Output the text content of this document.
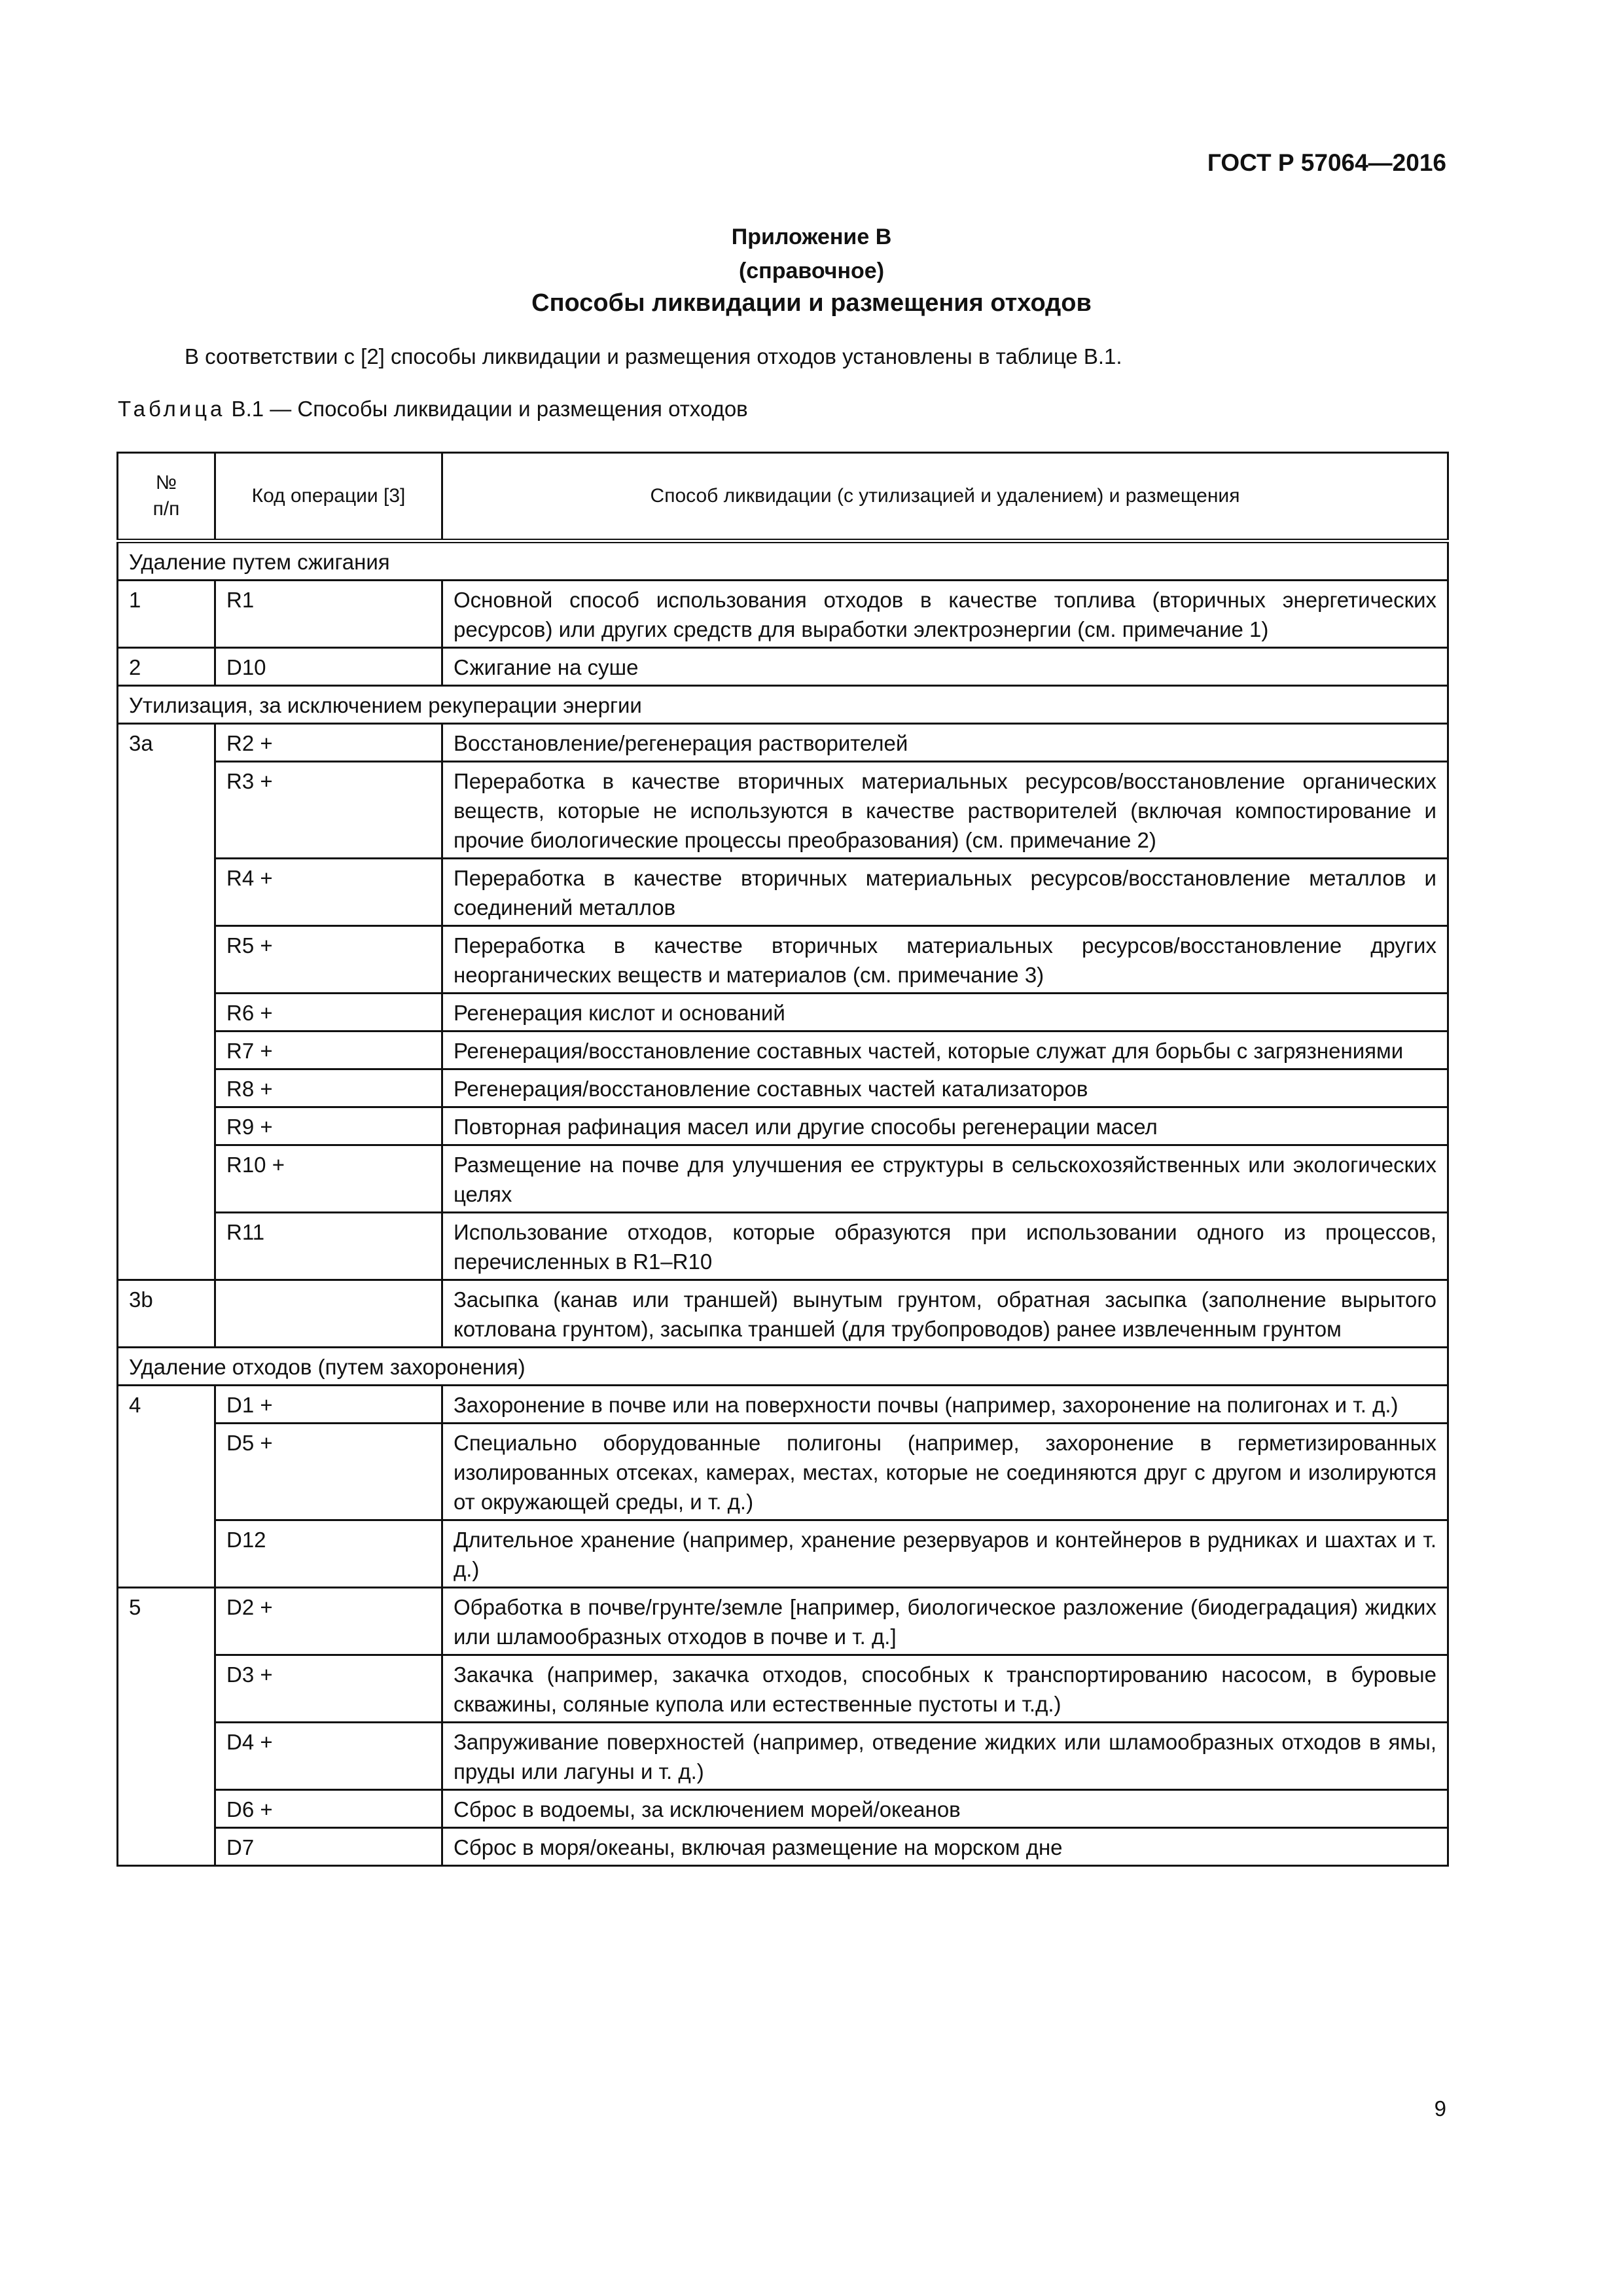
ГОСТ Р 57064—2016
Приложение В
(справочное)
Способы ликвидации и размещения отходов
В соответствии с [2] способы ликвидации и размещения отходов установлены в таблице В.1.
Таблица В.1 — Способы ликвидации и размещения отходов
№
п/п	Код операции [3]	Способ ликвидации (с утилизацией и удалением) и размещения
Удаление путем сжигания		
1	R1	Основной способ использования отходов в качестве топлива (вторичных энергетических ресурсов) или других средств для выработки электроэнергии (см. примечание 1)
2	D10	Сжигание на суше
Утилизация, за исключением рекуперации энергии		
3a	R2 +	Восстановление/регенерация растворителей
	R3 +	Переработка в качестве вторичных материальных ресурсов/восстановление органических веществ, которые не используются в качестве растворителей (включая компостирование и прочие биологические процессы преобразования) (см. примечание 2)
	R4 +	Переработка в качестве вторичных материальных ресурсов/восстановление металлов и соединений металлов
	R5 +	Переработка в качестве вторичных материальных ресурсов/восстановление других неорганических веществ и материалов (см. примечание 3)
	R6 +	Регенерация кислот и оснований
	R7 +	Регенерация/восстановление составных частей, которые служат для борьбы с загрязнениями
	R8 +	Регенерация/восстановление составных частей катализаторов
	R9 +	Повторная рафинация масел или другие способы регенерации масел
	R10 +	Размещение на почве для улучшения ее структуры в сельскохозяйственных или экологических целях
	R11	Использование отходов, которые образуются при использовании одного из процессов, перечисленных в R1–R10
3b		Засыпка (канав или траншей) вынутым грунтом, обратная засыпка (заполнение вырытого котлована грунтом), засыпка траншей (для трубопроводов) ранее извлеченным грунтом
Удаление отходов (путем захоронения)		
4	D1 +	Захоронение в почве или на поверхности почвы (например, захоронение на полигонах и т. д.)
	D5 +	Специально оборудованные полигоны (например, захоронение в герметизированных изолированных отсеках, камерах, местах, которые не соединяются друг с другом и изолируются от окружающей среды, и т. д.)
	D12	Длительное хранение (например, хранение резервуаров и контейнеров в рудниках и шахтах и т. д.)
5	D2 +	Обработка в почве/грунте/земле [например, биологическое разложение (биодеградация) жидких или шламообразных отходов в почве и т. д.]
	D3 +	Закачка (например, закачка отходов, способных к транспортированию насосом, в буровые скважины, соляные купола или естественные пустоты и т.д.)
	D4 +	Запруживание поверхностей (например, отведение жидких или шламообразных отходов в ямы, пруды или лагуны и т. д.)
	D6 +	Сброс в водоемы, за исключением морей/океанов
	D7	Сброс в моря/океаны, включая размещение на морском дне
9
